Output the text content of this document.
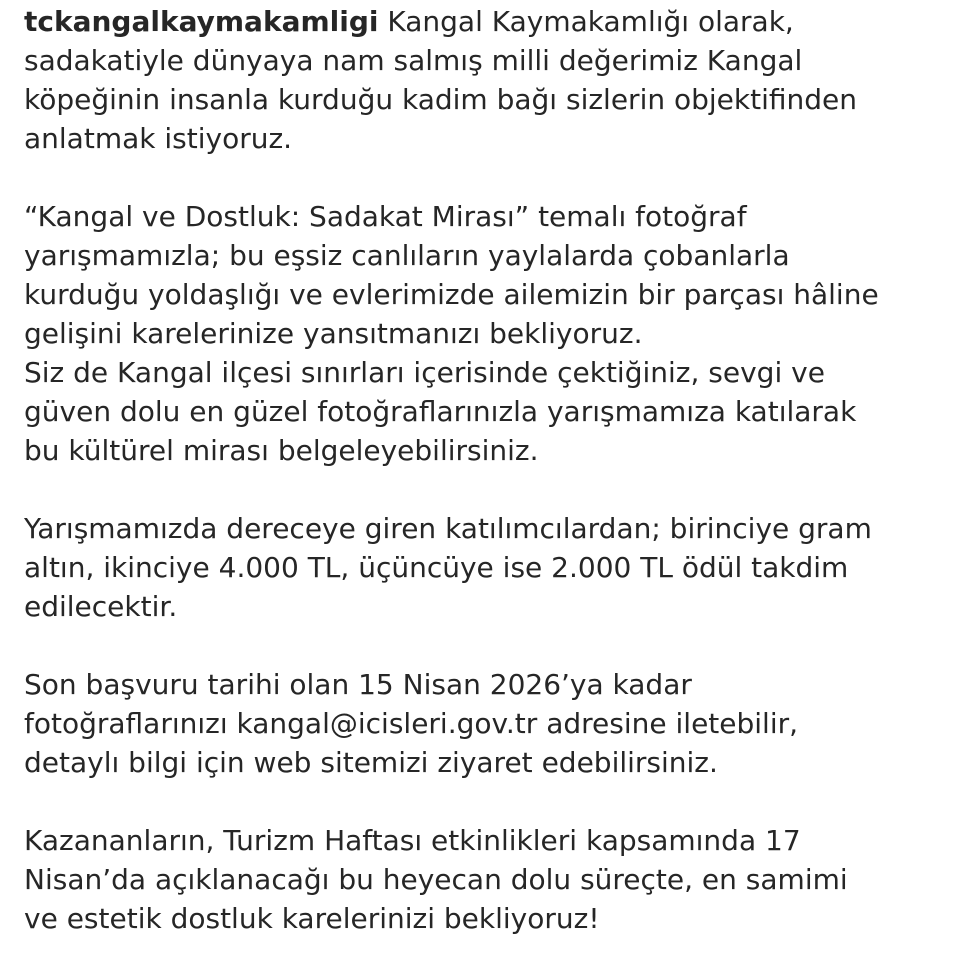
tckangalkaymakamligi Kangal Kaymakamlığı olarak,
sadakatiyle dünyaya nam salmış milli değerimiz Kangal
köpeğinin insanla kurduğu kadim bağı sizlerin objektifinden
anlatmak istiyoruz.
“Kangal ve Dostluk: Sadakat Mirası” temalı fotoğraf
yarışmamızla; bu eşsiz canlıların yaylalarda çobanlarla
kurduğu yoldaşlığı ve evlerimizde ailemizin bir parçası hâline
gelişini karelerinize yansıtmanızı bekliyoruz.
Siz de Kangal ilçesi sınırları içerisinde çektiğiniz, sevgi ve
güven dolu en güzel fotoğraflarınızla yarışmamıza katılarak
bu kültürel mirası belgeleyebilirsiniz.
Yarışmamızda dereceye giren katılımcılardan; birinciye gram
altın, ikinciye 4.000 TL, üçüncüye ise 2.000 TL ödül takdim
edilecektir.
Son başvuru tarihi olan 15 Nisan 2026’ya kadar
fotoğraflarınızı kangal@icisleri.gov.tr adresine iletebilir,
detaylı bilgi için web sitemizi ziyaret edebilirsiniz.
Kazananların, Turizm Haftası etkinlikleri kapsamında 17
Nisan’da açıklanacağı bu heyecan dolu süreçte, en samimi
ve estetik dostluk karelerinizi bekliyoruz!
